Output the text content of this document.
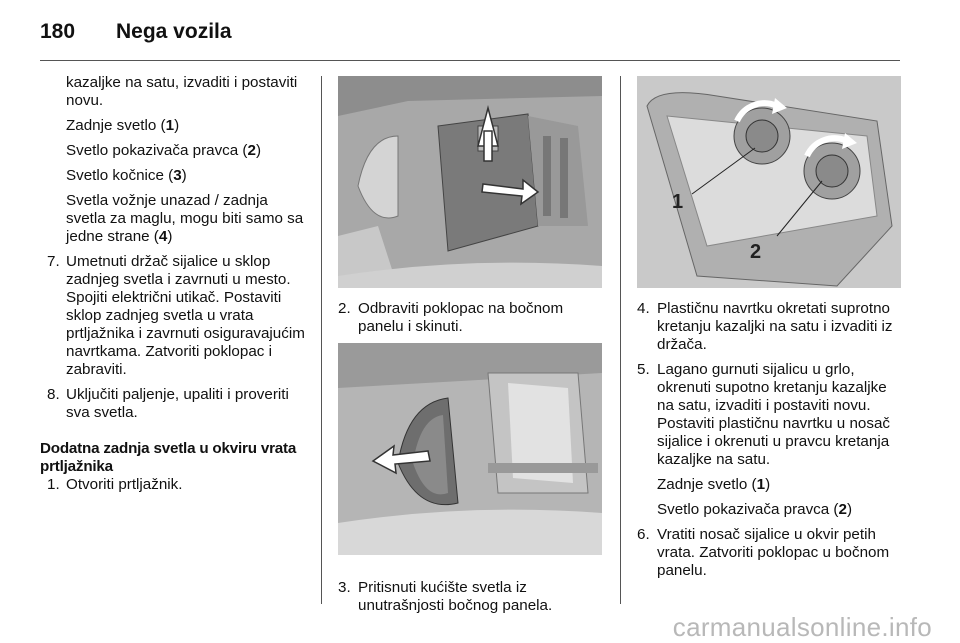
180	Nega vozila

kazaljke na satu, izvaditi i postaviti novu.

Zadnje svetlo (1)

Svetlo pokazivača pravca (2)

Svetlo kočnice (3)

Svetla vožnje unazad / zadnja svetla za maglu, mogu biti samo sa jedne strane (4)

7. Umetnuti držač sijalice u sklop zadnjeg svetla i zavrnuti u mesto. Spojiti električni utikač. Postaviti sklop zadnjeg svetla u vrata prtljažnika i zavrnuti osiguravajućim navrtkama. Zatvoriti poklopac i zabraviti.
8. Uključiti paljenje, upaliti i proveriti sva svetla.

Dodatna zadnja svetla u okviru vrata prtljažnika

1. Otvoriti prtljažnik.
2. Odbraviti poklopac na bočnom panelu i skinuti.
3. Pritisnuti kućište svetla iz unutrašnjosti bočnog panela.
1
2
4. Plastičnu navrtku okretati suprotno kretanju kazaljki na satu i izvaditi iz držača.
5. Lagano gurnuti sijalicu u grlo, okrenuti supotno kretanju kazaljke na satu, izvaditi i postaviti novu. Postaviti plastičnu navrtku u nosač sijalice i okrenuti u pravcu kretanja kazaljke na satu.

Zadnje svetlo (1)

Svetlo pokazivača pravca (2)

6. Vratiti nosač sijalice u okvir petih vrata. Zatvoriti poklopac u bočnom panelu.
carmanualsonline.info
